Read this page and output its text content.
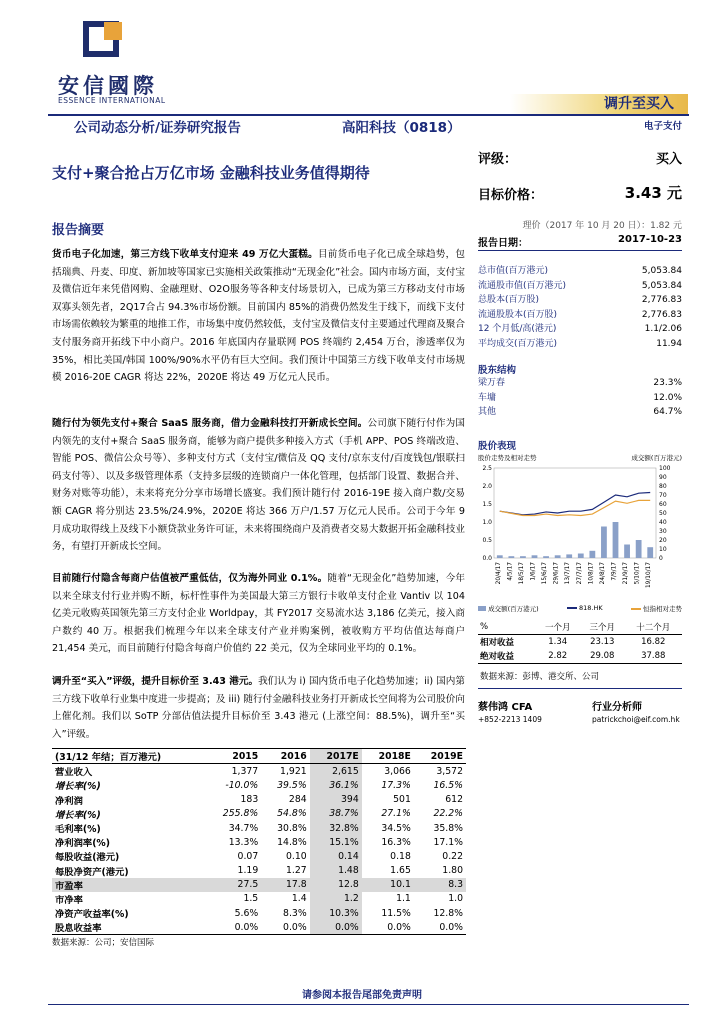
安信國際
ESSENCE INTERNATIONAL	调升至买入
公司动态分析/证券研究报告	高阳科技（0818）	电子支付
支付+聚合抢占万亿市场 金融科技业务值得期待
报告摘要
货币电子化加速，第三方线下收单支付迎来 49 万亿大蛋糕。目前货币电子化已成全球趋势，包括瑞典、丹麦、印度、新加坡等国家已实施相关政策推动“无现金化”社会。国内市场方面，支付宝及微信近年来凭借网购、金融理财、O2O服务等各种支付场景切入，已成为第三方移动支付市场双寡头领先者，2Q17合占 94.3%市场份额。目前国内 85%的消费仍然发生于线下，而线下支付市场需依赖较为繁重的地推工作，市场集中度仍然较低，支付宝及微信支付主要通过代理商及聚合支付服务商开拓线下中小商户。2016 年底国内存量联网 POS 终端约 2,454 万台，渗透率仅为 35%，相比美国/韩国 100%/90%水平仍有巨大空间。我们预计中国第三方线下收单支付市场规模 2016-20E CAGR 将达 22%，2020E 将达 49 万亿元人民币。
随行付为领先支付+聚合 SaaS 服务商，借力金融科技打开新成长空间。公司旗下随行付作为国内领先的支付+聚合 SaaS 服务商，能够为商户提供多种接入方式（手机 APP、POS 终端改造、智能 POS、微信公众号等）、多种支付方式（支付宝/微信及 QQ 支付/京东支付/百度钱包/银联扫码支付等）、以及多级管理体系（支持多层级的连锁商户一体化管理，包括部门设置、数据合并、财务对账等功能），未来将充分分享市场增长盛宴。我们预计随行付 2016-19E 接入商户数/交易额 CAGR 将分别达 23.5%/24.9%，2020E 将达 366 万户/1.57 万亿元人民币。公司于今年 9 月成功取得线上及线下小额贷款业务许可证，未来将围绕商户及消费者交易大数据开拓金融科技业务，有望打开新成长空间。
目前随行付隐含每商户估值被严重低估，仅为海外同业 0.1%。随着“无现金化”趋势加速，今年以来全球支付行业并购不断，标杆性事件为美国最大第三方银行卡收单支付企业 Vantiv 以 104 亿美元收购英国领先第三方支付企业 Worldpay，其 FY2017 交易流水达 3,186 亿美元，接入商户数约 40 万。根据我们梳理今年以来全球支付产业并购案例，被收购方平均估值达每商户 21,454 美元，而目前随行付隐含每商户价值约 22 美元，仅为全球同业平均的 0.1%。
调升至“买入”评级，提升目标价至 3.43 港元。我们认为 i) 国内货币电子化趋势加速；ii) 国内第三方线下收单行业集中度进一步提高；及 iii) 随行付金融科技业务打开新成长空间将为公司股价向上催化剂。我们以 SoTP 分部估值法提升目标价至 3.43 港元 (上涨空间：88.5%)，调升至“买入”评级。
评级：	买入
目标价格：	3.43 元
理价（2017 年 10 月 20 日）：1.82 元
报告日期：	2017-10-23
总市值(百万港元)	5,053.84
流通股市值(百万港元)	5,053.84
总股本(百万股)	2,776.83
流通股股本(百万股)	2,776.83
12 个月低/高(港元)	1.1/2.06
平均成交(百万港元)	11.94
股东结构
梁万春	23.3%
车墉	12.0%
其他	64.7%
股价表现
股价走势及相对走势	成交额(百万港元)
2.5
2.0
1.5
1.0
0.5
0.0
100
90
80
70
60
50
40
30
20
10
0
20/4/17 4/5/17 18/5/17 1/6/17 15/6/17 29/6/17 13/7/17 27/7/17 10/8/17 24/8/17 7/9/17 21/9/17 5/10/17 19/10/17
成交额(百万港元)	818.HK	恒指相对走势
%	一个月	三个月	十二个月
相对收益	1.34	23.13	16.82
绝对收益	2.82	29.08	37.88
数据来源：彭博、港交所、公司
蔡伟鸿 CFA	行业分析师
+852-2213 1409	patrickchoi@eif.com.hk
(31/12 年结；百万港元)	2015	2016	2017E	2018E	2019E
营业收入	1,377	1,921	2,615	3,066	3,572
增长率(%)	-10.0%	39.5%	36.1%	17.3%	16.5%
净利润	183	284	394	501	612
增长率(%)	255.8%	54.8%	38.7%	27.1%	22.2%
毛利率(%)	34.7%	30.8%	32.8%	34.5%	35.8%
净利润率(%)	13.3%	14.8%	15.1%	16.3%	17.1%
每股收益(港元)	0.07	0.10	0.14	0.18	0.22
每股净资产(港元)	1.19	1.27	1.48	1.65	1.80
市盈率	27.5	17.8	12.8	10.1	8.3
市净率	1.5	1.4	1.2	1.1	1.0
净资产收益率(%)	5.6%	8.3%	10.3%	11.5%	12.8%
股息收益率	0.0%	0.0%	0.0%	0.0%	0.0%
数据来源：公司；安信国际
请参阅本报告尾部免责声明
